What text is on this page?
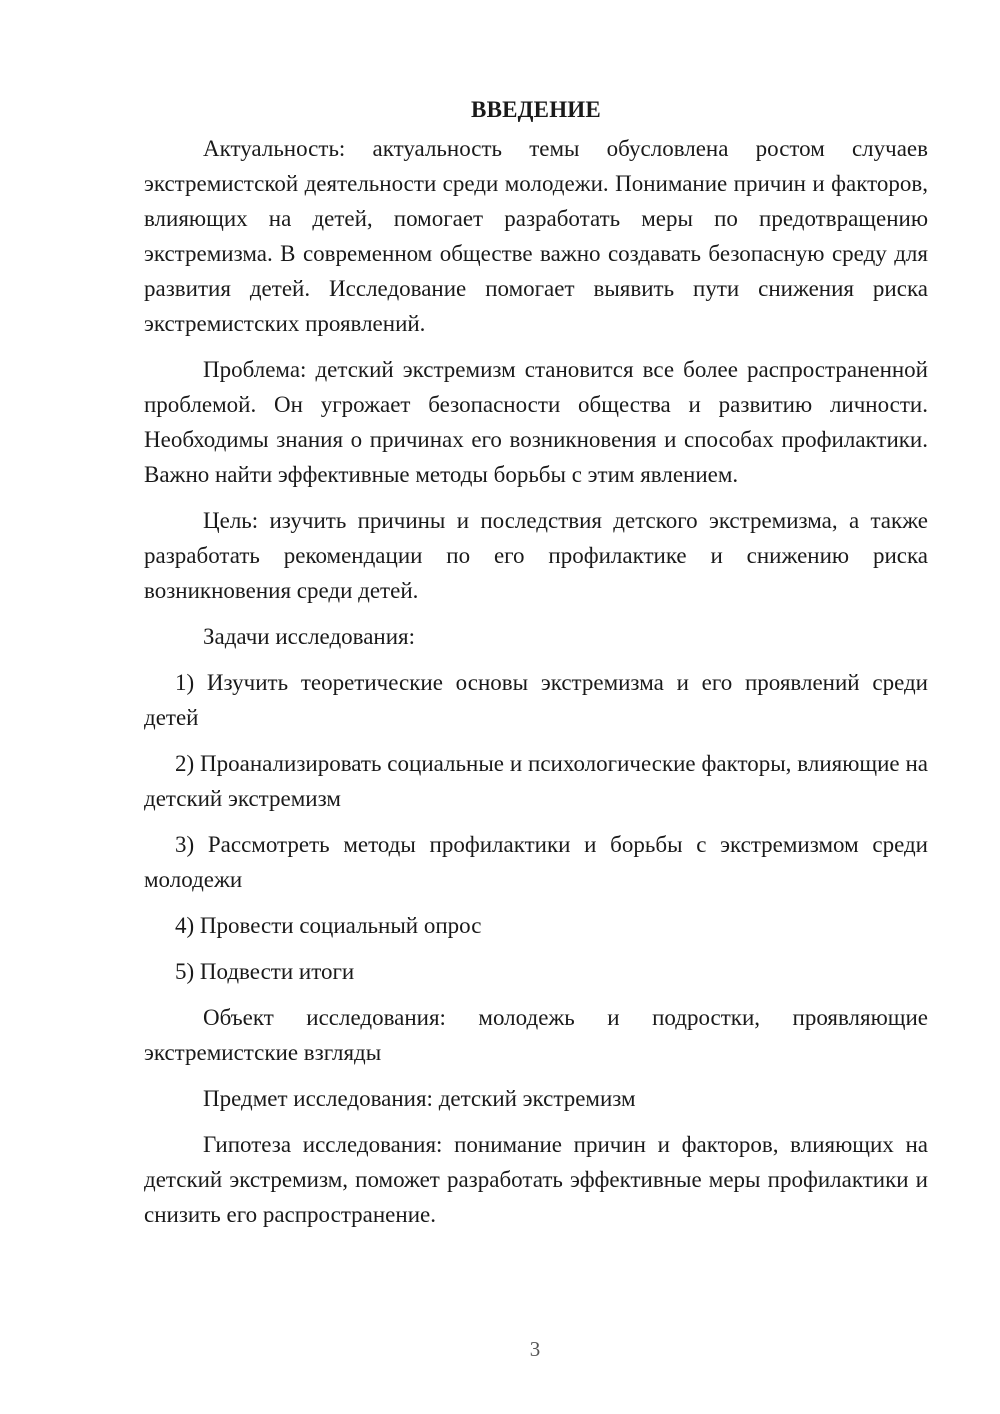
ВВЕДЕНИЕ

Актуальность: актуальность темы обусловлена ростом случаев экстремистской деятельности среди молодежи. Понимание причин и факторов, влияющих на детей, помогает разработать меры по предотвращению экстремизма. В современном обществе важно создавать безопасную среду для развития детей. Исследование помогает выявить пути снижения риска экстремистских проявлений.

Проблема: детский экстремизм становится все более распространенной проблемой. Он угрожает безопасности общества и развитию личности. Необходимы знания о причинах его возникновения и способах профилактики. Важно найти эффективные методы борьбы с этим явлением.

Цель: изучить причины и последствия детского экстремизма, а также разработать рекомендации по его профилактике и снижению риска возникновения среди детей.

Задачи исследования:

1) Изучить теоретические основы экстремизма и его проявлений среди детей

2) Проанализировать социальные и психологические факторы, влияющие на детский экстремизм

3) Рассмотреть методы профилактики и борьбы с экстремизмом среди молодежи

4) Провести социальный опрос

5) Подвести итоги

Объект исследования: молодежь и подростки, проявляющие экстремистские взгляды

Предмет исследования: детский экстремизм

Гипотеза исследования: понимание причин и факторов, влияющих на детский экстремизм, поможет разработать эффективные меры профилактики и снизить его распространение.

3
